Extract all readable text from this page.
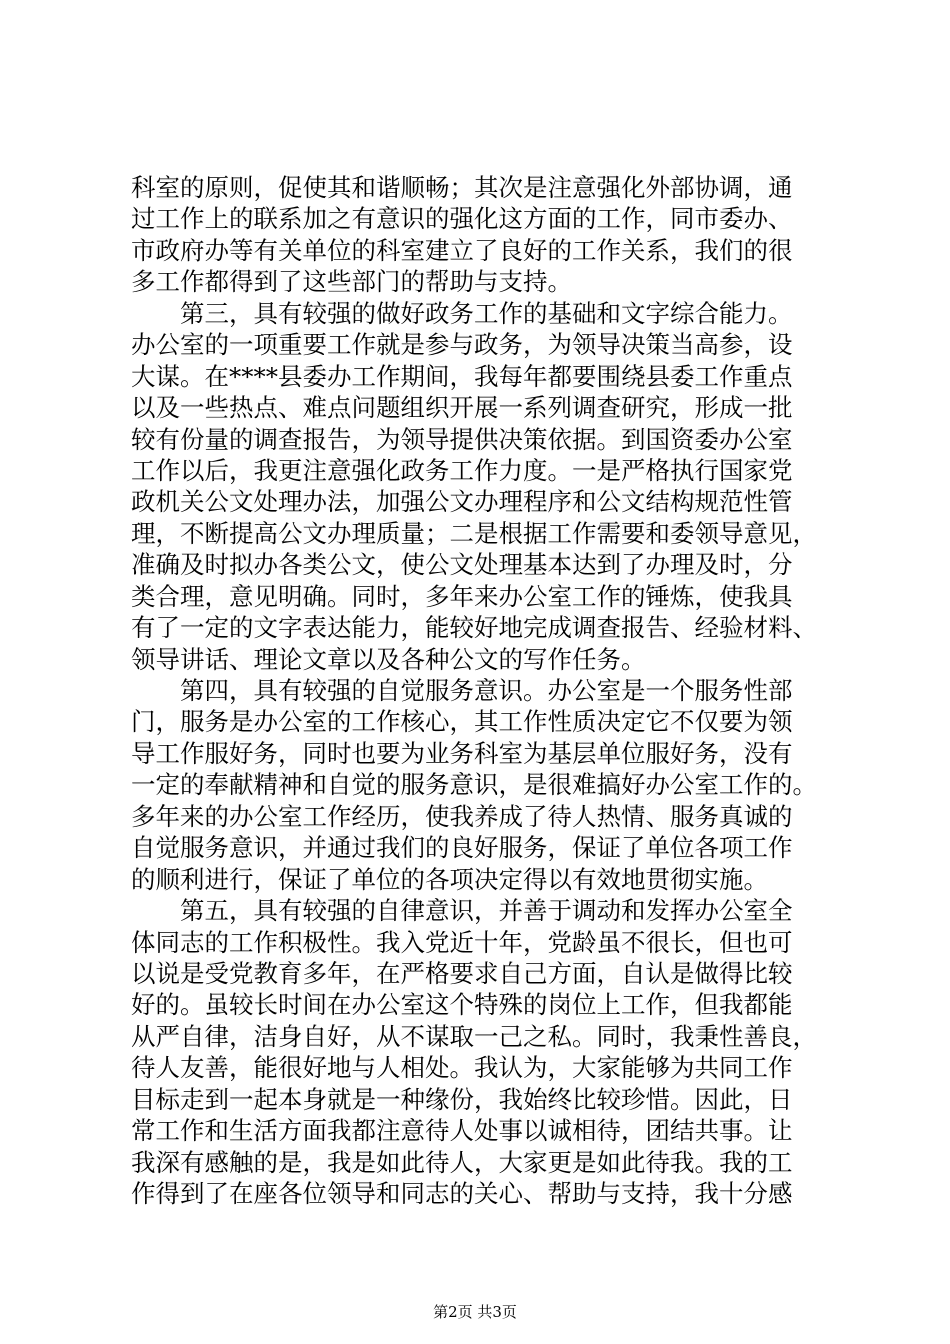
科室的原则，促使其和谐顺畅；其次是注意强化外部协调，通
过工作上的联系加之有意识的强化这方面的工作，同市委办、
市政府办等有关单位的科室建立了良好的工作关系，我们的很
多工作都得到了这些部门的帮助与支持。
第三，具有较强的做好政务工作的基础和文字综合能力。
办公室的一项重要工作就是参与政务，为领导决策当高参，设
大谋。在****县委办工作期间，我每年都要围绕县委工作重点
以及一些热点、难点问题组织开展一系列调查研究，形成一批
较有份量的调查报告，为领导提供决策依据。到国资委办公室
工作以后，我更注意强化政务工作力度。一是严格执行国家党
政机关公文处理办法，加强公文办理程序和公文结构规范性管
理，不断提高公文办理质量；二是根据工作需要和委领导意见，
准确及时拟办各类公文，使公文处理基本达到了办理及时，分
类合理，意见明确。同时，多年来办公室工作的锤炼，使我具
有了一定的文字表达能力，能较好地完成调查报告、经验材料、
领导讲话、理论文章以及各种公文的写作任务。
第四，具有较强的自觉服务意识。办公室是一个服务性部
门，服务是办公室的工作核心，其工作性质决定它不仅要为领
导工作服好务，同时也要为业务科室为基层单位服好务，没有
一定的奉献精神和自觉的服务意识，是很难搞好办公室工作的。
多年来的办公室工作经历，使我养成了待人热情、服务真诚的
自觉服务意识，并通过我们的良好服务，保证了单位各项工作
的顺利进行，保证了单位的各项决定得以有效地贯彻实施。
第五，具有较强的自律意识，并善于调动和发挥办公室全
体同志的工作积极性。我入党近十年，党龄虽不很长，但也可
以说是受党教育多年，在严格要求自己方面，自认是做得比较
好的。虽较长时间在办公室这个特殊的岗位上工作，但我都能
从严自律，洁身自好，从不谋取一己之私。同时，我秉性善良，
待人友善，能很好地与人相处。我认为，大家能够为共同工作
目标走到一起本身就是一种缘份，我始终比较珍惜。因此，日
常工作和生活方面我都注意待人处事以诚相待，团结共事。让
我深有感触的是，我是如此待人，大家更是如此待我。我的工
作得到了在座各位领导和同志的关心、帮助与支持，我十分感
第2页 共3页
